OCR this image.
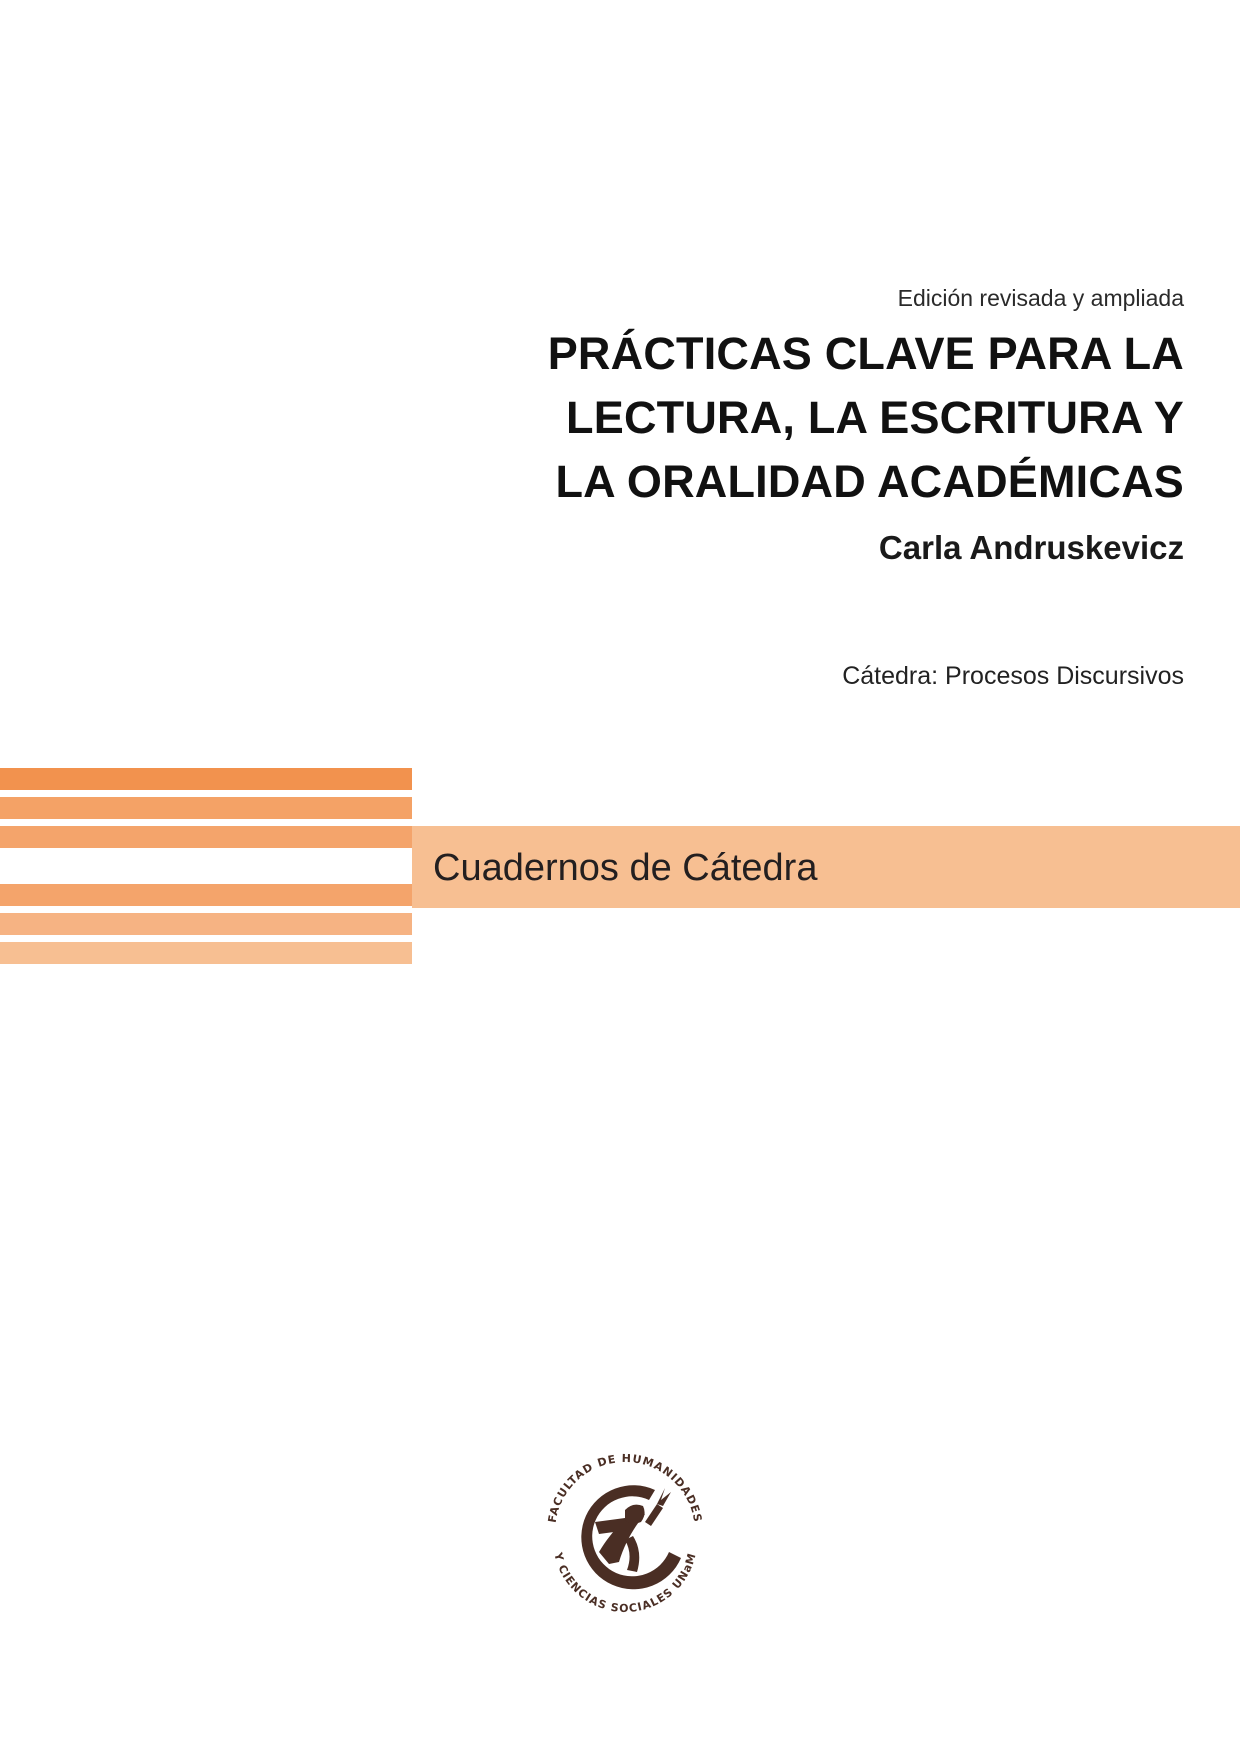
Edición revisada y ampliada

PRÁCTICAS CLAVE PARA LA
LECTURA, LA ESCRITURA Y
LA ORALIDAD ACADÉMICAS

Carla Andruskevicz

Cátedra: Procesos Discursivos
Cuadernos de Cátedra
FACULTAD DE HUMANIDADES
Y CIENCIAS SOCIALES UNaM
